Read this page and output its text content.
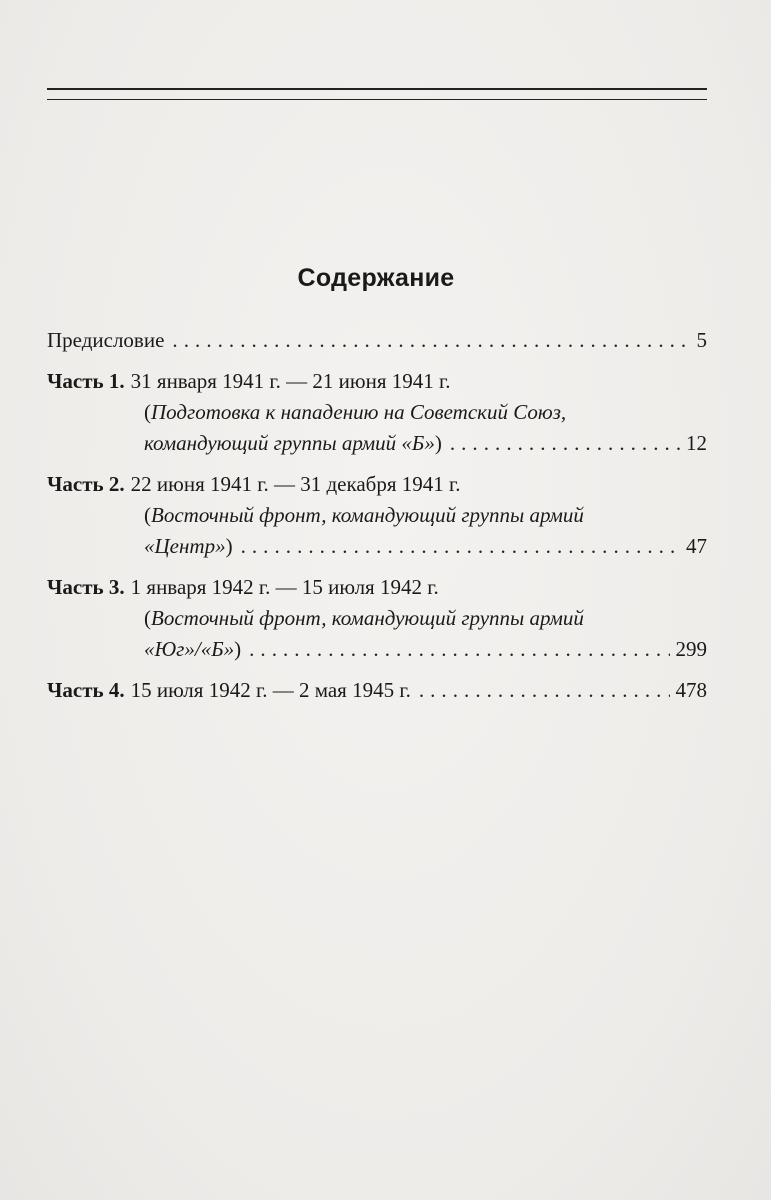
Содержание
Предисловие . . .	5
Часть 1. 31 января 1941 г. — 21 июня 1941 г.
( Подготовка к нападению на Советский Союз,
командующий группы армий «Б» ) . . .	12
Часть 2. 22 июня 1941 г. — 31 декабря 1941 г.
( Восточный фронт, командующий группы армий
«Центр» ) . . .	47
Часть 3. 1 января 1942 г. — 15 июля 1942 г.
( Восточный фронт, командующий группы армий
«Юг»/«Б» ) . . .	299
Часть 4. 15 июля 1942 г. — 2 мая 1945 г. . . .	478
